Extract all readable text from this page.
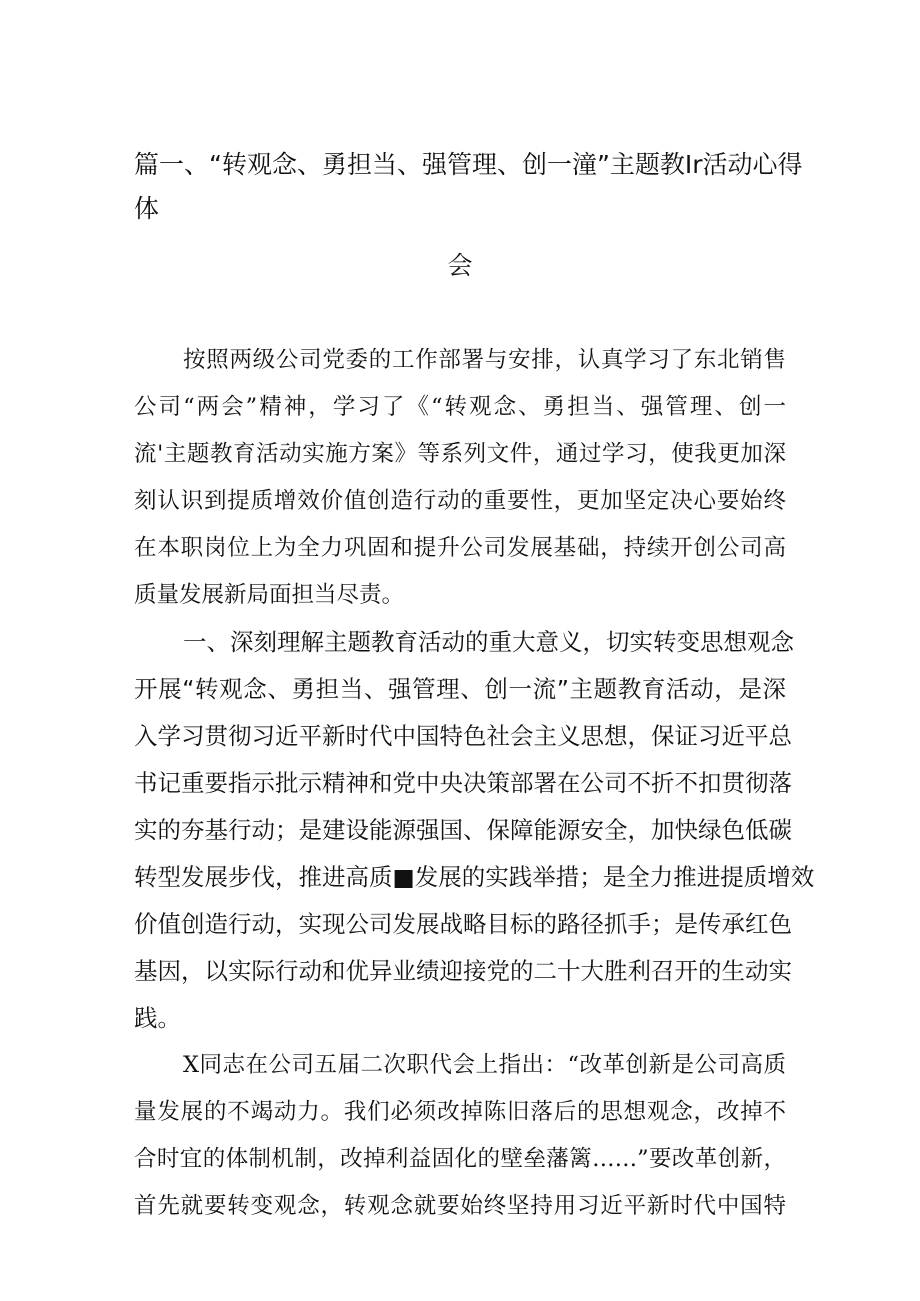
篇一、“转观念、勇担当、强管理、创一潼”主题教Ir活动心得
体
会
按照两级公司党委的工作部署与安排，认真学习了东北销售
公司“两会”精神，学习了《“转观念、勇担当、强管理、创一
流'主题教育活动实施方案》等系列文件，通过学习，使我更加深
刻认识到提质增效价值创造行动的重要性，更加坚定决心要始终
在本职岗位上为全力巩固和提升公司发展基础，持续开创公司高
质量发展新局面担当尽责。
一、深刻理解主题教育活动的重大意义，切实转变思想观念
开展“转观念、勇担当、强管理、创一流”主题教育活动，是深
入学习贯彻习近平新时代中国特色社会主义思想，保证习近平总
书记重要指示批示精神和党中央决策部署在公司不折不扣贯彻落
实的夯基行动；是建设能源强国、保障能源安全，加快绿色低碳
转型发展步伐，推进高质■发展的实践举措；是全力推进提质增效
价值创造行动，实现公司发展战略目标的路径抓手；是传承红色
基因，以实际行动和优异业绩迎接党的二十大胜利召开的生动实
践。
X同志在公司五届二次职代会上指出：“改革创新是公司高质
量发展的不竭动力。我们必须改掉陈旧落后的思想观念，改掉不
合时宜的体制机制，改掉利益固化的壁垒藩篱……”要改革创新，
首先就要转变观念，转观念就要始终坚持用习近平新时代中国特
